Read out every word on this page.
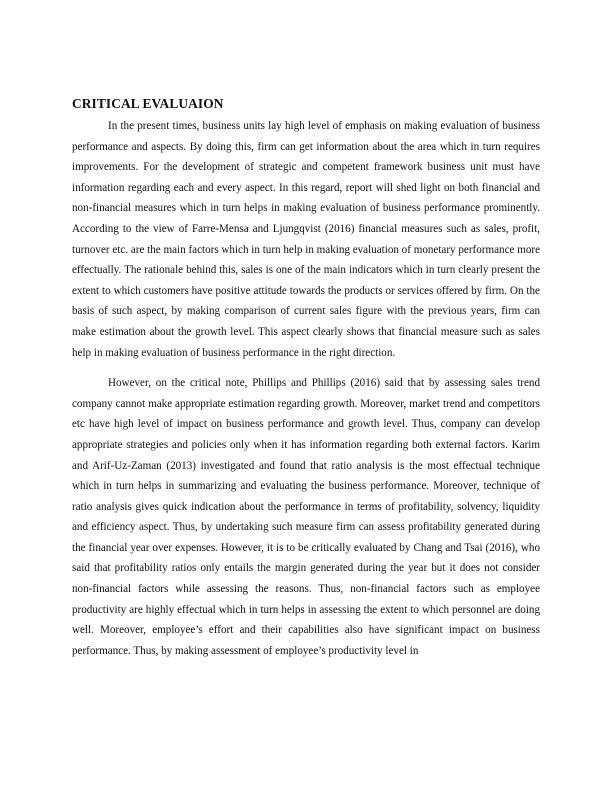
CRITICAL EVALUAION

In the present times, business units lay high level of emphasis on making evaluation of business performance and aspects. By doing this, firm can get information about the area which in turn requires improvements. For the development of strategic and competent framework business unit must have information regarding each and every aspect. In this regard, report will shed light on both financial and non-financial measures which in turn helps in making evaluation of business performance prominently. According to the view of Farre-Mensa and Ljungqvist (2016) financial measures such as sales, profit, turnover etc. are the main factors which in turn help in making evaluation of monetary performance more effectually. The rationale behind this, sales is one of the main indicators which in turn clearly present the extent to which customers have positive attitude towards the products or services offered by firm. On the basis of such aspect, by making comparison of current sales figure with the previous years, firm can make estimation about the growth level. This aspect clearly shows that financial measure such as sales help in making evaluation of business performance in the right direction.

However, on the critical note, Phillips and Phillips (2016) said that by assessing sales trend company cannot make appropriate estimation regarding growth. Moreover, market trend and competitors etc have high level of impact on business performance and growth level. Thus, company can develop appropriate strategies and policies only when it has information regarding both external factors. Karim and Arif-Uz-Zaman (2013) investigated and found that ratio analysis is the most effectual technique which in turn helps in summarizing and evaluating the business performance. Moreover, technique of ratio analysis gives quick indication about the performance in terms of profitability, solvency, liquidity and efficiency aspect. Thus, by undertaking such measure firm can assess profitability generated during the financial year over expenses. However, it is to be critically evaluated by Chang and Tsai (2016), who said that profitability ratios only entails the margin generated during the year but it does not consider non-financial factors while assessing the reasons. Thus, non-financial factors such as employee productivity are highly effectual which in turn helps in assessing the extent to which personnel are doing well. Moreover, employee’s effort and their capabilities also have significant impact on business performance. Thus, by making assessment of employee’s productivity level in
